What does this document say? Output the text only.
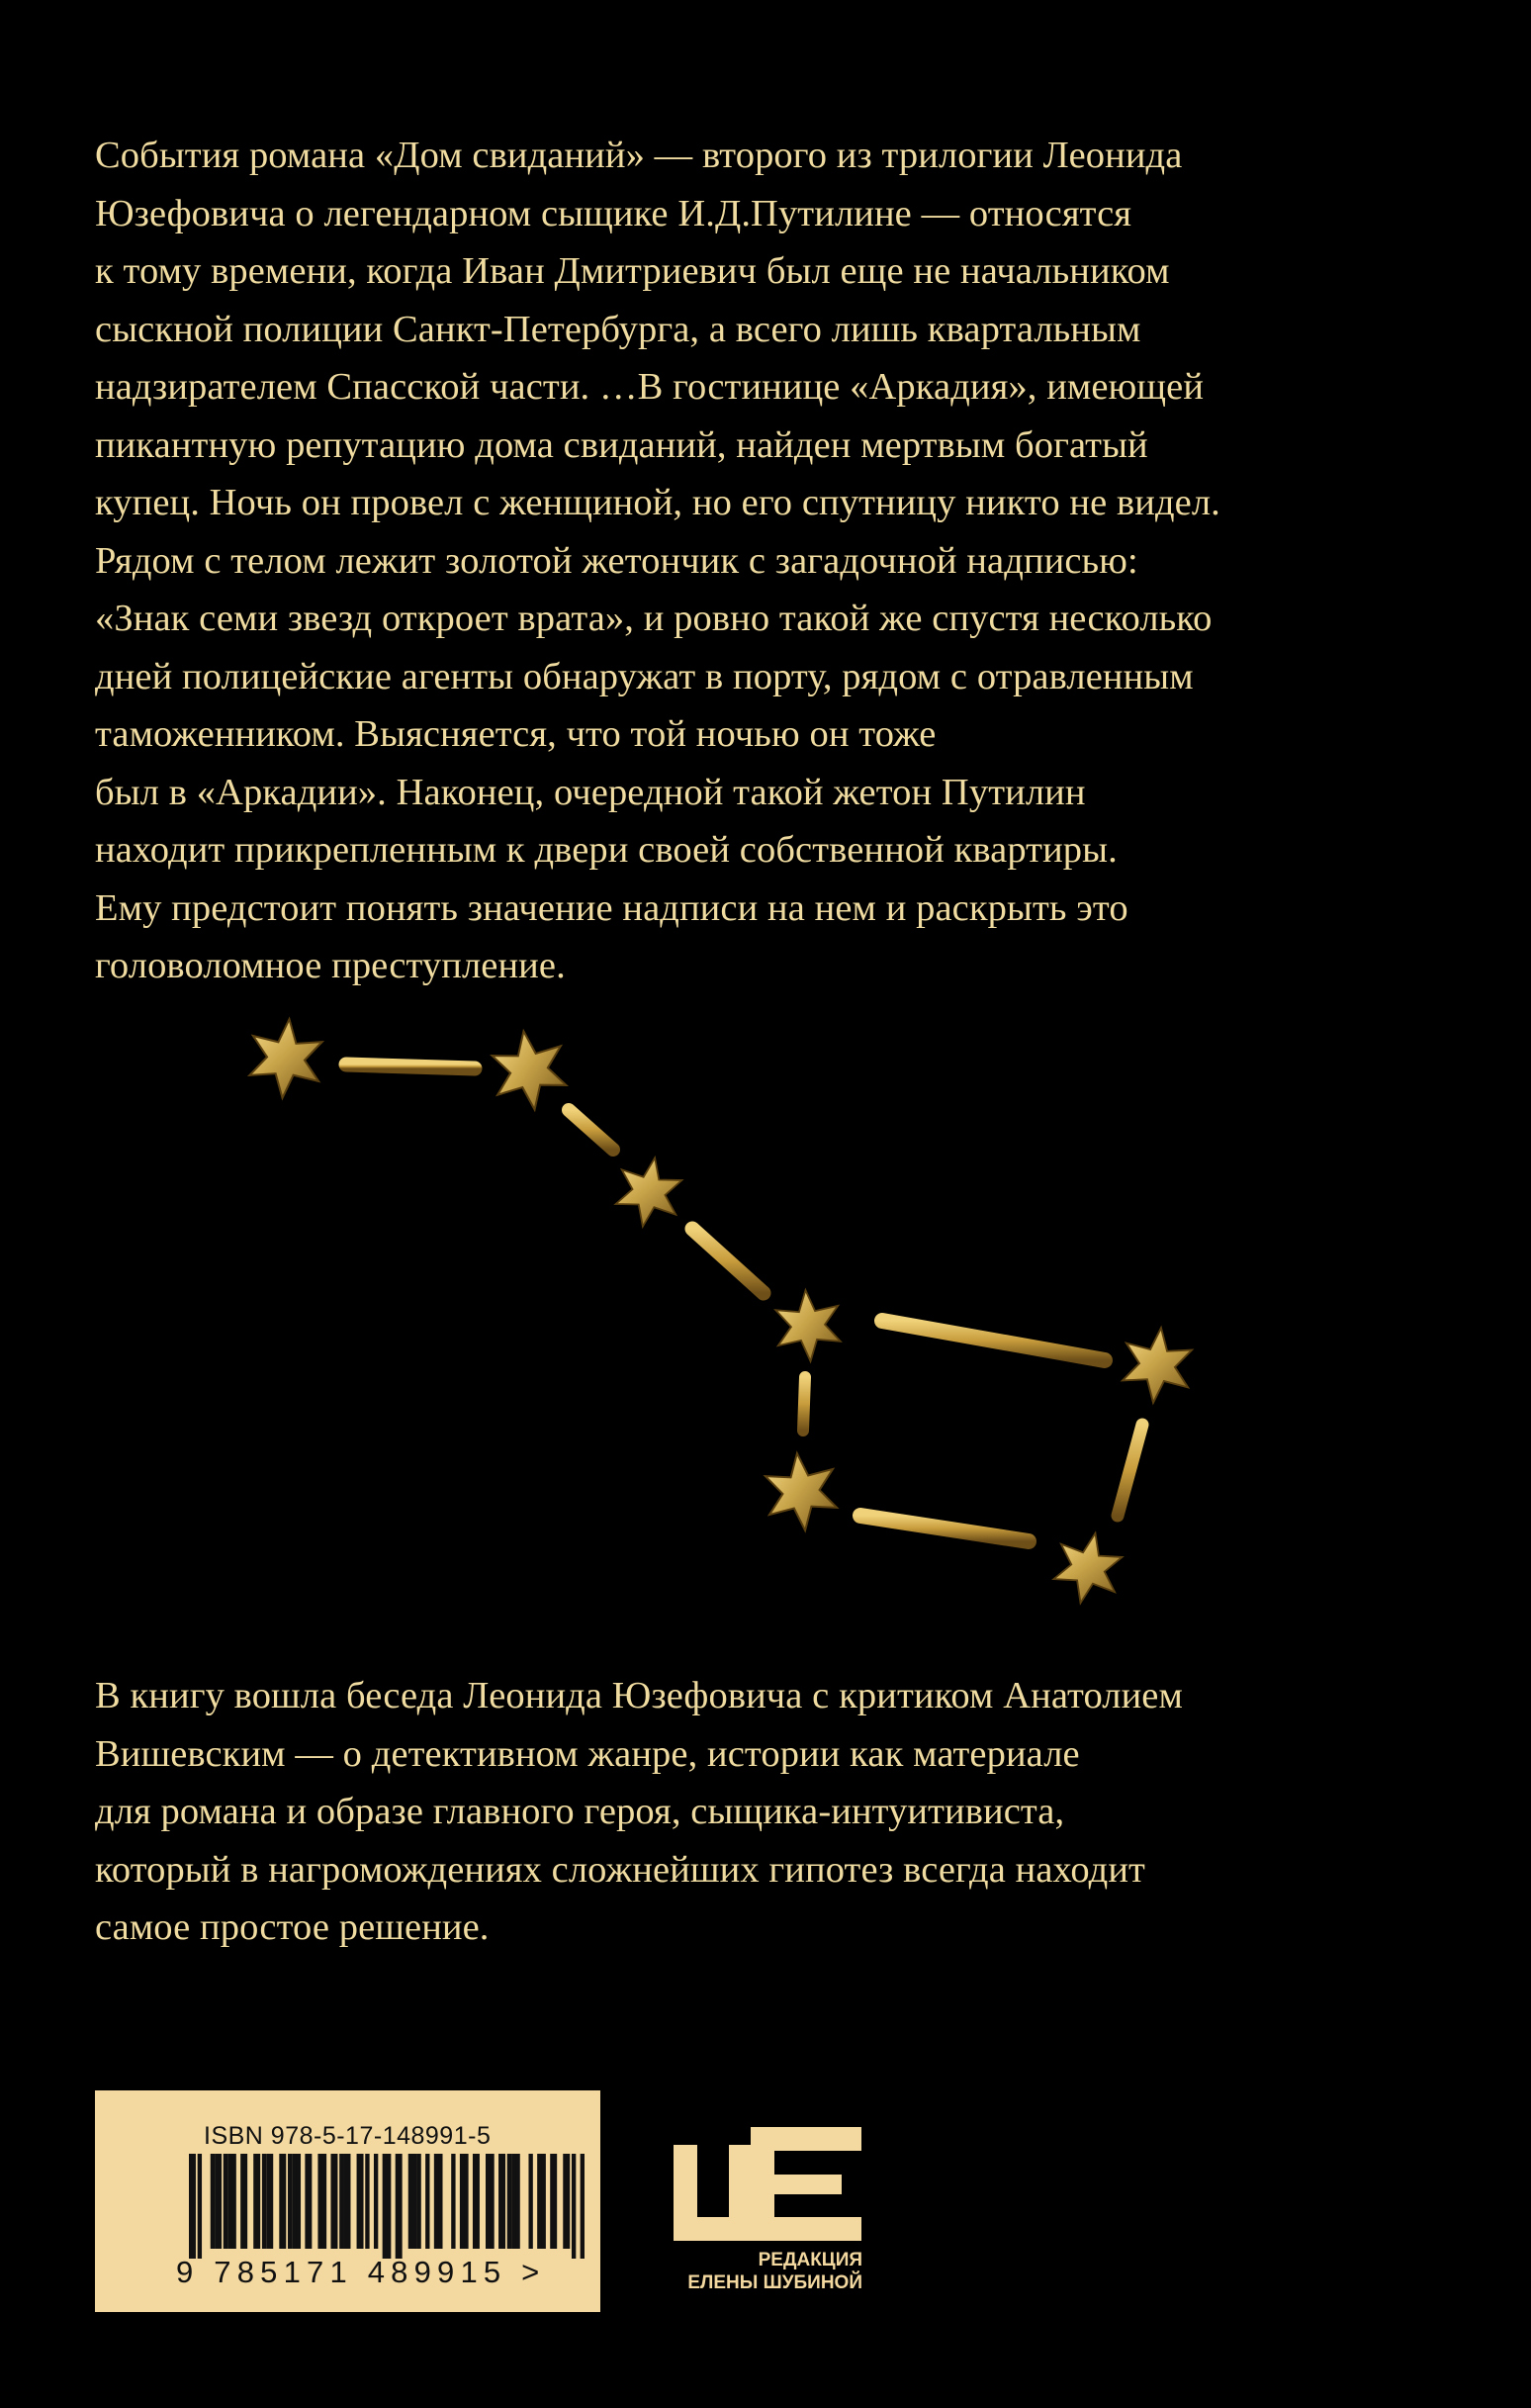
События романа «Дом свиданий» — второго из трилогии Леонида
Юзефовича о легендарном сыщике И.Д.Путилине — относятся
к тому времени, когда Иван Дмитриевич был еще не начальником
сыскной полиции Санкт-Петербурга, а всего лишь квартальным
надзирателем Спасской части. …В гостинице «Аркадия», имеющей
пикантную репутацию дома свиданий, найден мертвым богатый
купец. Ночь он провел с женщиной, но его спутницу никто не видел.
Рядом с телом лежит золотой жетончик с загадочной надписью:
«Знак семи звезд откроет врата», и ровно такой же спустя несколько
дней полицейские агенты обнаружат в порту, рядом с отравленным
таможенником. Выясняется, что той ночью он тоже
был в «Аркадии». Наконец, очередной такой жетон Путилин
находит прикрепленным к двери своей собственной квартиры.
Ему предстоит понять значение надписи на нем и раскрыть это
головоломное преступление.
В книгу вошла беседа Леонида Юзефовича с критиком Анатолием
Вишевским — о детективном жанре, истории как материале
для романа и образе главного героя, сыщика-интуитивиста,
который в нагромождениях сложнейших гипотез всегда находит
самое простое решение.
ISBN 978-5-17-148991-5
9 785171 489915 >	РЕДАКЦИЯ
ЕЛЕНЫ ШУБИНОЙ
